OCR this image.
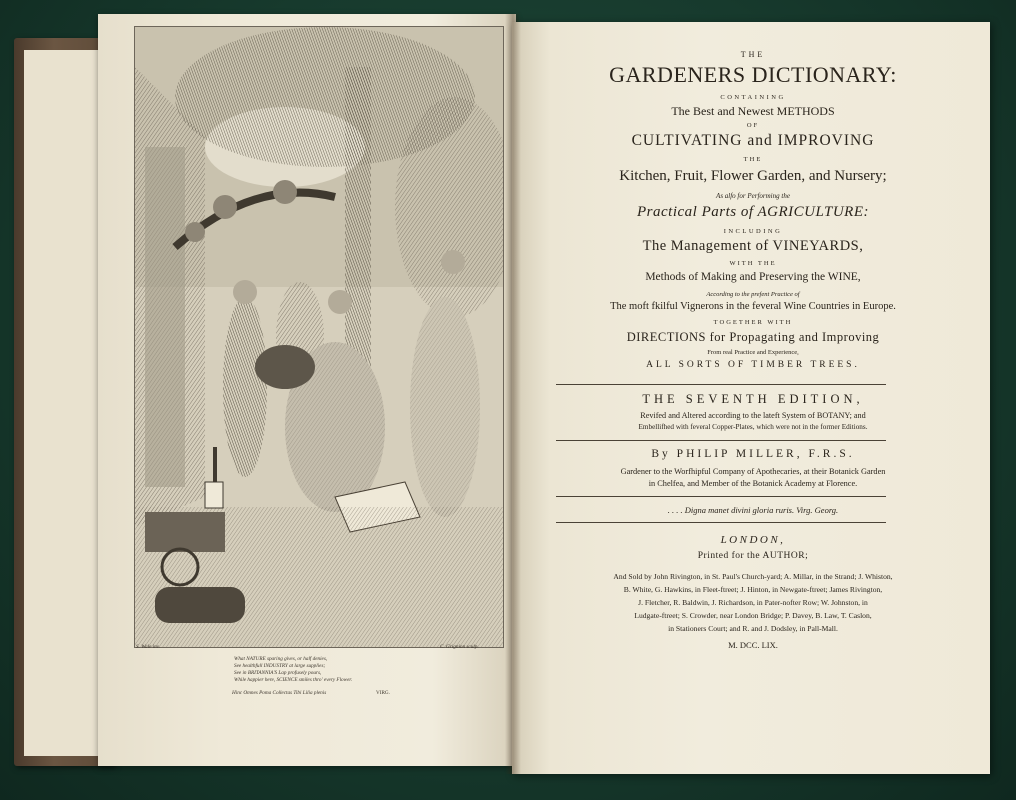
S. Wale inv.	C. Grignion sculp.
What NATURE sparing gives, or half denies,
See healthfull INDUSTRY at large supplies;
See in BRITANNIA'S Lap profusely pours,
While happier here, SCIENCE smiles thro' every Flower.
Hinc Omnes Poma Collectas Tibi Lilia plenis	VIRG.
THE
GARDENERS DICTIONARY:
CONTAINING
The Best and Newest METHODS
OF
CULTIVATING and IMPROVING
THE
Kitchen, Fruit, Flower Garden, and Nursery;
As alfo for Performing the
Practical Parts of AGRICULTURE:
INCLUDING
The Management of VINEYARDS,
WITH THE
Methods of Making and Preserving the WINE,
According to the prefent Practice of
The moft fkilful Vignerons in the feveral Wine Countries in Europe.
TOGETHER WITH
DIRECTIONS for Propagating and Improving
From real Practice and Experience,
ALL SORTS OF TIMBER TREES.
THE SEVENTH EDITION,
Revifed and Altered according to the lateft System of BOTANY; and
Embellifhed with feveral Copper-Plates, which were not in the former Editions.
By PHILIP MILLER, F.R.S.
Gardener to the Worfhipful Company of Apothecaries, at their Botanick Garden
in Chelfea, and Member of the Botanick Academy at Florence.
. . . . Digna manet divini gloria ruris. Virg. Georg.
LONDON,
Printed for the AUTHOR;
And Sold by John Rivington, in St. Paul's Church-yard; A. Millar, in the Strand; J. Whiston,
B. White, G. Hawkins, in Fleet-ftreet; J. Hinton, in Newgate-ftreet; James Rivington,
J. Fletcher, R. Baldwin, J. Richardson, in Pater-nofter Row; W. Johnston, in
Ludgate-ftreet; S. Crowder, near London Bridge; P. Davey, B. Law, T. Caslon,
in Stationers Court; and R. and J. Dodsley, in Pall-Mall.
M. DCC. LIX.
